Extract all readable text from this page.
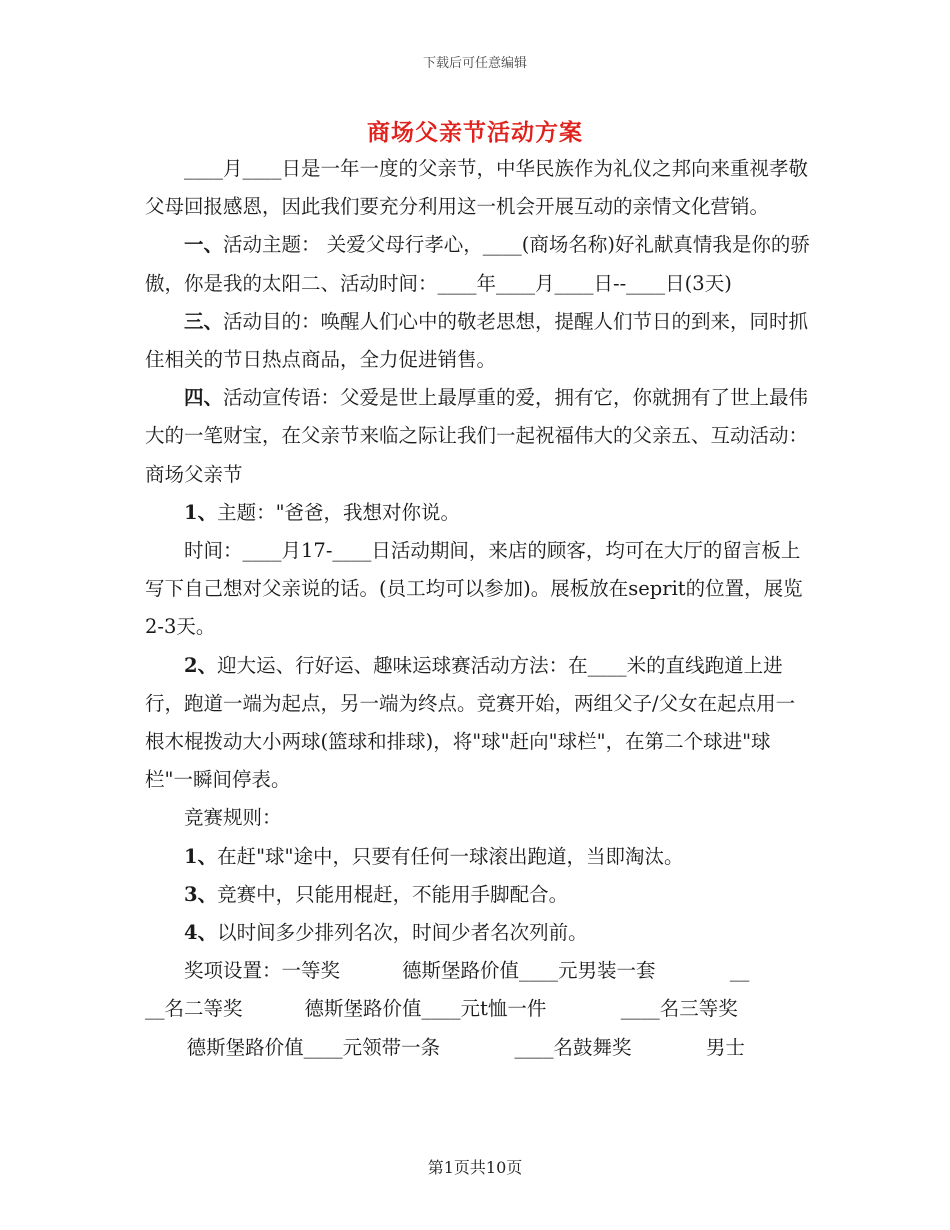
下载后可任意编辑
商场父亲节活动方案

____月____日是一年一度的父亲节，中华民族作为礼仪之邦向来重视孝敬父母回报感恩，因此我们要充分利用这一机会开展互动的亲情文化营销。

一、活动主题： 关爱父母行孝心，____(商场名称)好礼献真情我是你的骄傲，你是我的太阳二、活动时间：____年____月____日--____日(3天)

三、活动目的：唤醒人们心中的敬老思想，提醒人们节日的到来，同时抓住相关的节日热点商品，全力促进销售。

四、活动宣传语：父爱是世上最厚重的爱，拥有它，你就拥有了世上最伟大的一笔财宝，在父亲节来临之际让我们一起祝福伟大的父亲五、互动活动：商场父亲节

1、主题："爸爸，我想对你说。

时间：____月17-____日活动期间，来店的顾客，均可在大厅的留言板上写下自己想对父亲说的话。(员工均可以参加)。展板放在seprit的位置，展览2-3天。

2、迎大运、行好运、趣味运球赛活动方法：在____米的直线跑道上进行，跑道一端为起点，另一端为终点。竞赛开始，两组父子/父女在起点用一根木棍拨动大小两球(篮球和排球)，将"球"赶向"球栏"，在第二个球进"球栏"一瞬间停表。

竞赛规则：

1、在赶"球"途中，只要有任何一球滚出跑道，当即淘汰。

3、竞赛中，只能用棍赶，不能用手脚配合。

4、以时间多少排列名次，时间少者名次列前。

奖项设置：一等奖          德斯堡路价值____元男装一套            __
__名二等奖          德斯堡路价值____元t恤一件            ____名三等奖
德斯堡路价值____元领带一条            ____名鼓舞奖            男士
第1页共10页
